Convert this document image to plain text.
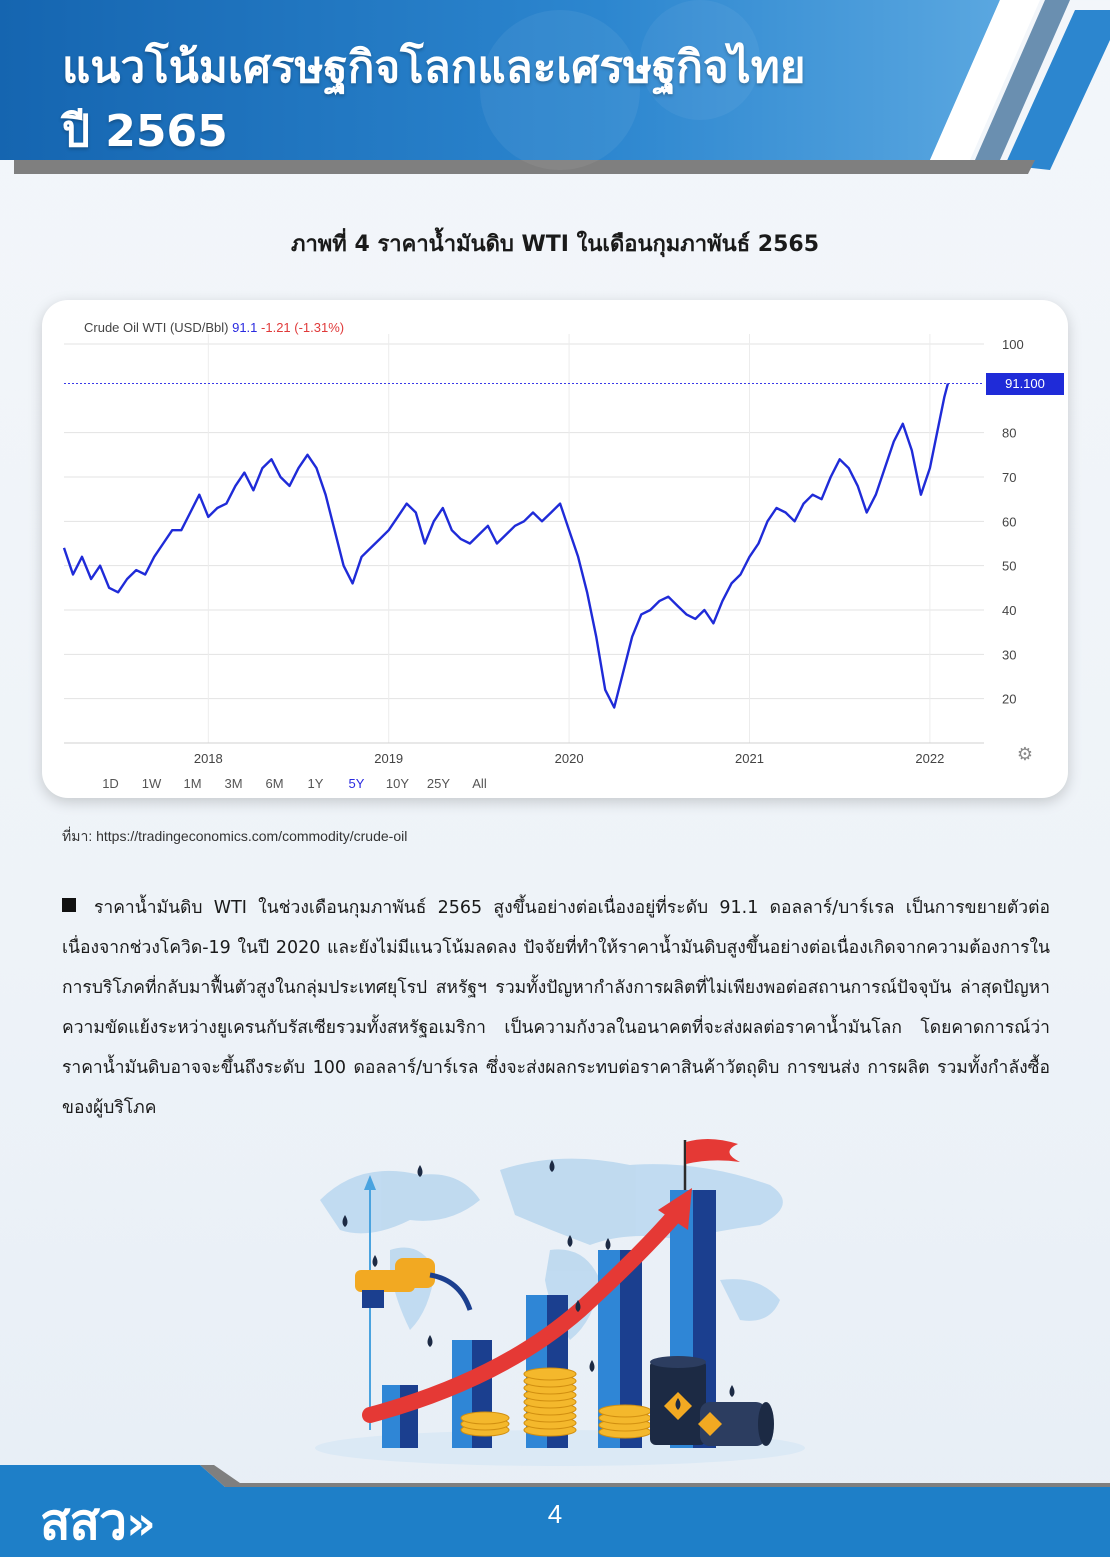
แนวโน้มเศรษฐกิจโลกและเศรษฐกิจไทย
ปี 2565
ภาพที่ 4 ราคาน้ำมันดิบ WTI ในเดือนกุมภาพันธ์ 2565
20
30
40
50
60
70
80
100
2018	2019	2020	2021	2022
Crude Oil WTI (USD/Bbl) 91.1 -1.21 (-1.31%)
91.100
⚙
1D	1W	1M	3M	6M	1Y	5Y	10Y	25Y	All
ที่มา: https://tradingeconomics.com/commodity/crude-oil
ราคาน้ำมันดิบ WTI ในช่วงเดือนกุมภาพันธ์ 2565 สูงขึ้นอย่างต่อเนื่องอยู่ที่ระดับ 91.1 ดอลลาร์/บาร์เรล เป็นการขยายตัวต่อเนื่องจากช่วงโควิด-19 ในปี 2020 และยังไม่มีแนวโน้มลดลง ปัจจัยที่ทำให้ราคาน้ำมันดิบสูงขึ้นอย่างต่อเนื่องเกิดจากความต้องการในการบริโภคที่กลับมาฟื้นตัวสูงในกลุ่มประเทศยุโรป สหรัฐฯ รวมทั้งปัญหากำลังการผลิตที่ไม่เพียงพอต่อสถานการณ์ปัจจุบัน ล่าสุดปัญหาความขัดแย้งระหว่างยูเครนกับรัสเซียรวมทั้งสหรัฐอเมริกา เป็นความกังวลในอนาคตที่จะส่งผลต่อราคาน้ำมันโลก โดยคาดการณ์ว่าราคาน้ำมันดิบอาจจะขึ้นถึงระดับ 100 ดอลลาร์/บาร์เรล ซึ่งจะส่งผลกระทบต่อราคาสินค้าวัตถุดิบ การขนส่ง การผลิต รวมทั้งกำลังซื้อของผู้บริโภค
สสว»	4
